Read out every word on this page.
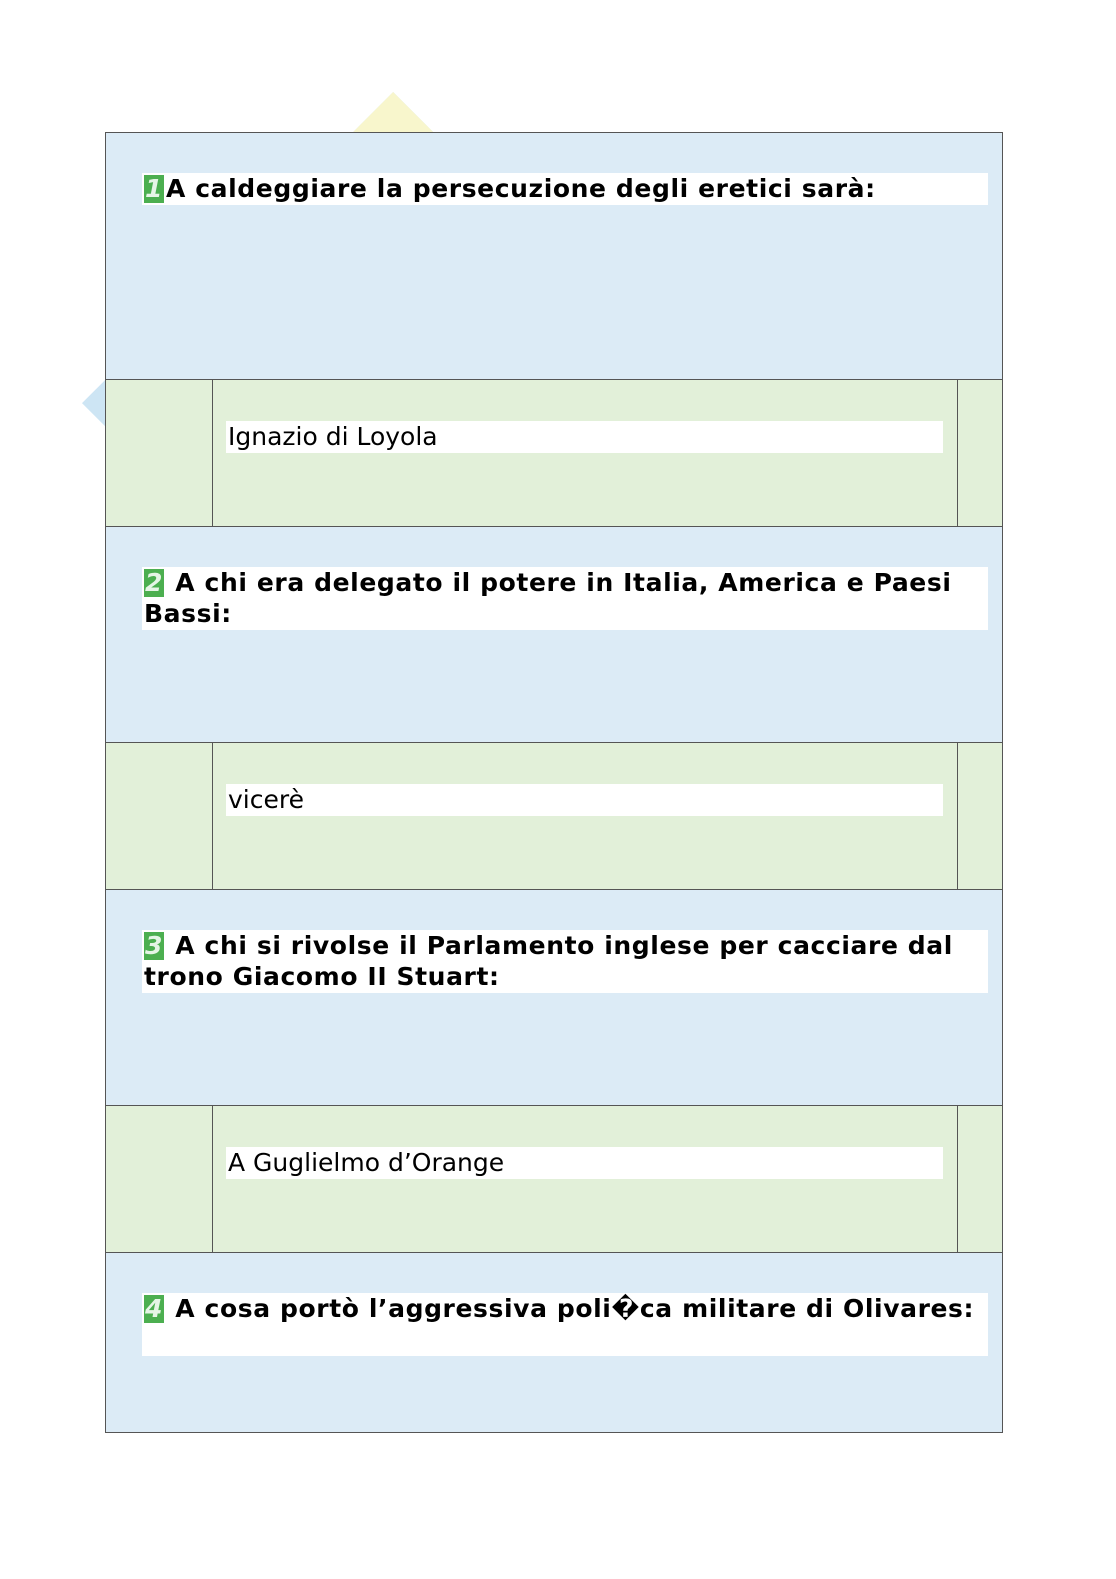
1 A caldeggiare la persecuzione degli eretici sarà:
Ignazio di Loyola
2 A chi era delegato il potere in Italia, America e Paesi Bassi:
vicerè
3 A chi si rivolse il Parlamento inglese per cacciare dal trono Giacomo II Stuart:
A Guglielmo d’Orange
4 A cosa portò l’aggressiva poli�ca militare di Olivares:
